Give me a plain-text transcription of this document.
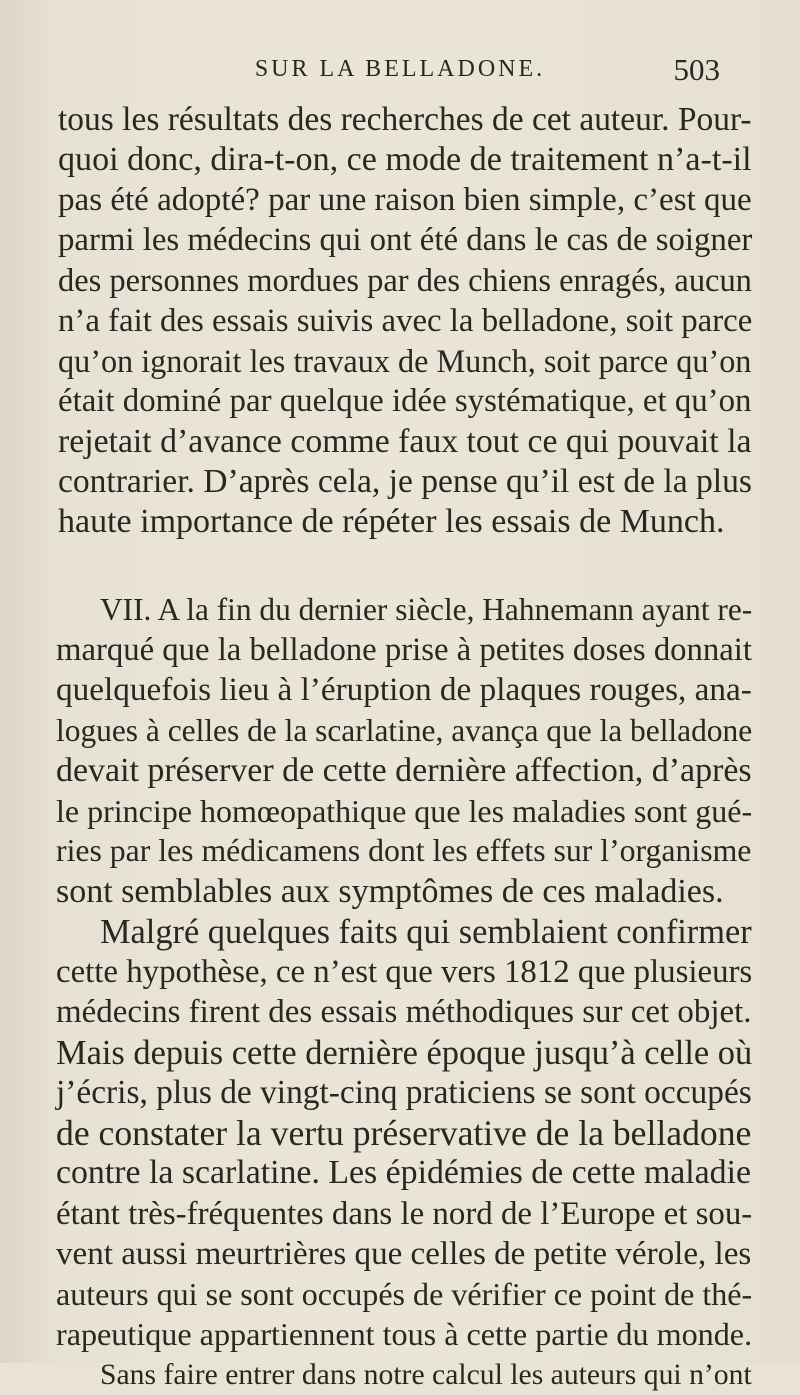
SUR LA BELLADONE.	503
tous les résultats des recherches de cet auteur. Pour-
quoi donc, dira-t-on, ce mode de traitement n’a-t-il
pas été adopté? par une raison bien simple, c’est que
parmi les médecins qui ont été dans le cas de soigner
des personnes mordues par des chiens enragés, aucun
n’a fait des essais suivis avec la belladone, soit parce
qu’on ignorait les travaux de Munch, soit parce qu’on
était dominé par quelque idée systématique, et qu’on
rejetait d’avance comme faux tout ce qui pouvait la
contrarier. D’après cela, je pense qu’il est de la plus
haute importance de répéter les essais de Munch.
VII. A la fin du dernier siècle, Hahnemann ayant re-
marqué que la belladone prise à petites doses donnait
quelquefois lieu à l’éruption de plaques rouges, ana-
logues à celles de la scarlatine, avança que la belladone
devait préserver de cette dernière affection, d’après
le principe homœopathique que les maladies sont gué-
ries par les médicamens dont les effets sur l’organisme
sont semblables aux symptômes de ces maladies.
Malgré quelques faits qui semblaient confirmer
cette hypothèse, ce n’est que vers 1812 que plusieurs
médecins firent des essais méthodiques sur cet objet.
Mais depuis cette dernière époque jusqu’à celle où
j’écris, plus de vingt-cinq praticiens se sont occupés
de constater la vertu préservative de la belladone
contre la scarlatine. Les épidémies de cette maladie
étant très-fréquentes dans le nord de l’Europe et sou-
vent aussi meurtrières que celles de petite vérole, les
auteurs qui se sont occupés de vérifier ce point de thé-
rapeutique appartiennent tous à cette partie du monde.
Sans faire entrer dans notre calcul les auteurs qui n’ont
